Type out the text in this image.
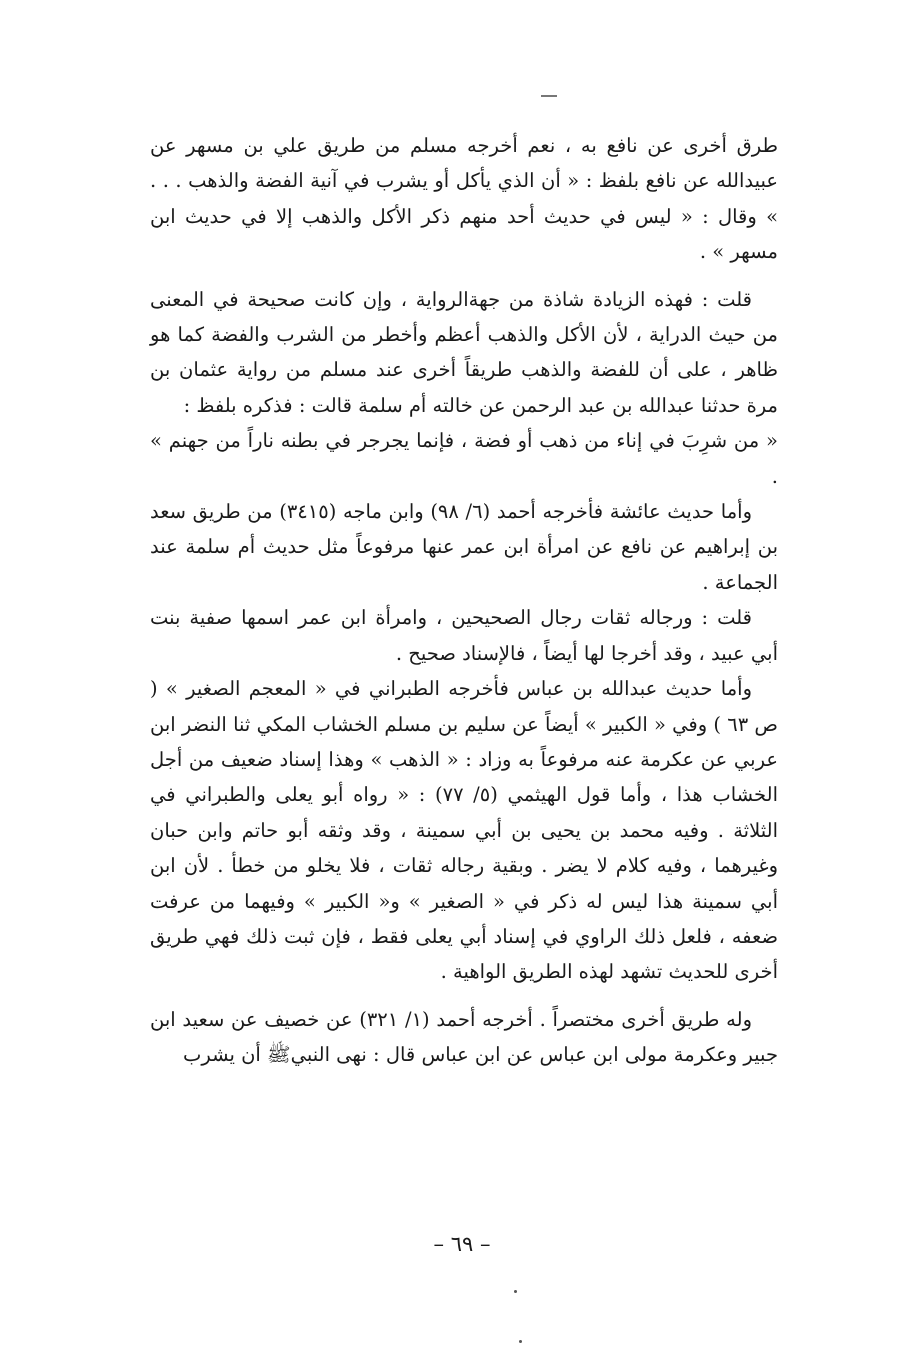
طرق أخرى عن نافع به ، نعم أخرجه مسلم من طريق علي بن مسهر عن عبيدالله عن نافع بلفظ : « أن الذي يأكل أو يشرب في آنية الفضة والذهب . . . » وقال : « ليس في حديث أحد منهم ذكر الأكل والذهب إلا في حديث ابن مسهر » .

قلت : فهذه الزيادة شاذة من جهةالرواية ، وإن كانت صحيحة في المعنى من حيث الدراية ، لأن الأكل والذهب أعظم وأخطر من الشرب والفضة كما هو ظاهر ، على أن للفضة والذهب طريقاً أخرى عند مسلم من رواية عثمان بن مرة حدثنا عبدالله بن عبد الرحمن عن خالته أم سلمة قالت : فذكره بلفظ :

« من شرِبَ في إناء من ذهب أو فضة ، فإنما يجرجر في بطنه ناراً من جهنم » .

وأما حديث عائشة فأخرجه أحمد (٦/ ٩٨) وابن ماجه (٣٤١٥) من طريق سعد بن إبراهيم عن نافع عن امرأة ابن عمر عنها مرفوعاً مثل حديث أم سلمة عند الجماعة .

قلت : ورجاله ثقات رجال الصحيحين ، وامرأة ابن عمر اسمها صفية بنت أبي عبيد ، وقد أخرجا لها أيضاً ، فالإسناد صحيح .

وأما حديث عبدالله بن عباس فأخرجه الطبراني في « المعجم الصغير » ( ص ٦٣ ) وفي « الكبير » أيضاً عن سليم بن مسلم الخشاب المكي ثنا النضر ابن عربي عن عكرمة عنه مرفوعاً به وزاد : « الذهب » وهذا إسناد ضعيف من أجل الخشاب هذا ، وأما قول الهيثمي (٥/ ٧٧) : « رواه أبو يعلى والطبراني في الثلاثة . وفيه محمد بن يحيى بن أبي سمينة ، وقد وثقه أبو حاتم وابن حبان وغيرهما ، وفيه كلام لا يضر . وبقية رجاله ثقات ، فلا يخلو من خطأ . لأن ابن أبي سمينة هذا ليس له ذكر في « الصغير » و« الكبير » وفيهما من عرفت ضعفه ، فلعل ذلك الراوي في إسناد أبي يعلى فقط ، فإن ثبت ذلك فهي طريق أخرى للحديث تشهد لهذه الطريق الواهية .

وله طريق أخرى مختصراً . أخرجه أحمد (١/ ٣٢١) عن خصيف عن سعيد ابن جبير وعكرمة مولى ابن عباس عن ابن عباس قال : نهى النبيﷺ أن يشرب

– ٦٩ –
